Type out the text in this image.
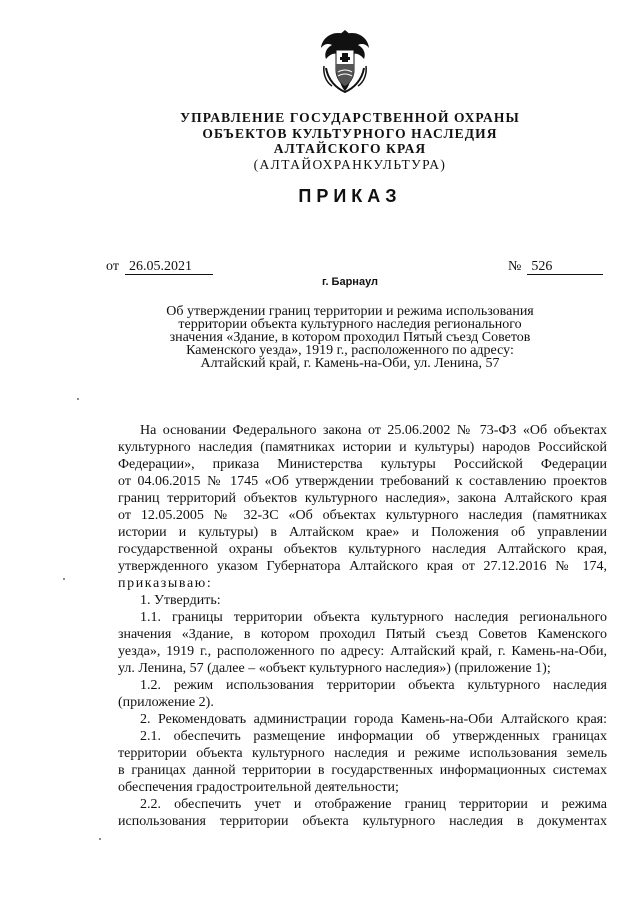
УПРАВЛЕНИЕ ГОСУДАРСТВЕННОЙ ОХРАНЫ
ОБЪЕКТОВ КУЛЬТУРНОГО НАСЛЕДИЯ
АЛТАЙСКОГО КРАЯ
(АЛТАЙОХРАНКУЛЬТУРА)
ПРИКАЗ
от 26.05.2021	№ 526
г. Барнаул
Об утверждении границ территории и режима использования
территории объекта культурного наследия регионального
значения «Здание, в котором проходил Пятый съезд Советов
Каменского уезда», 1919 г., расположенного по адресу:
Алтайский край, г. Камень-на-Оби, ул. Ленина, 57
На основании Федерального закона от 25.06.2002 № 73-ФЗ «Об объектах
культурного наследия (памятниках истории и культуры) народов Российской
Федерации», приказа Министерства культуры Российской Федерации
от 04.06.2015 № 1745 «Об утверждении требований к составлению проектов
границ территорий объектов культурного наследия», закона Алтайского края
от 12.05.2005 № 32-ЗС «Об объектах культурного наследия (памятниках
истории и культуры) в Алтайском крае» и Положения об управлении
государственной охраны объектов культурного наследия Алтайского края,
утвержденного указом Губернатора Алтайского края от 27.12.2016 № 174,
приказываю:
1. Утвердить:
1.1. границы территории объекта культурного наследия регионального
значения «Здание, в котором проходил Пятый съезд Советов Каменского
уезда», 1919 г., расположенного по адресу: Алтайский край, г. Камень-на-Оби,
ул. Ленина, 57 (далее – «объект культурного наследия») (приложение 1);
1.2. режим использования территории объекта культурного наследия
(приложение 2).
2. Рекомендовать администрации города Камень-на-Оби Алтайского края:
2.1. обеспечить размещение информации об утвержденных границах
территории объекта культурного наследия и режиме использования земель
в границах данной территории в государственных информационных системах
обеспечения градостроительной деятельности;
2.2. обеспечить учет и отображение границ территории и режима
использования территории объекта культурного наследия в документах
